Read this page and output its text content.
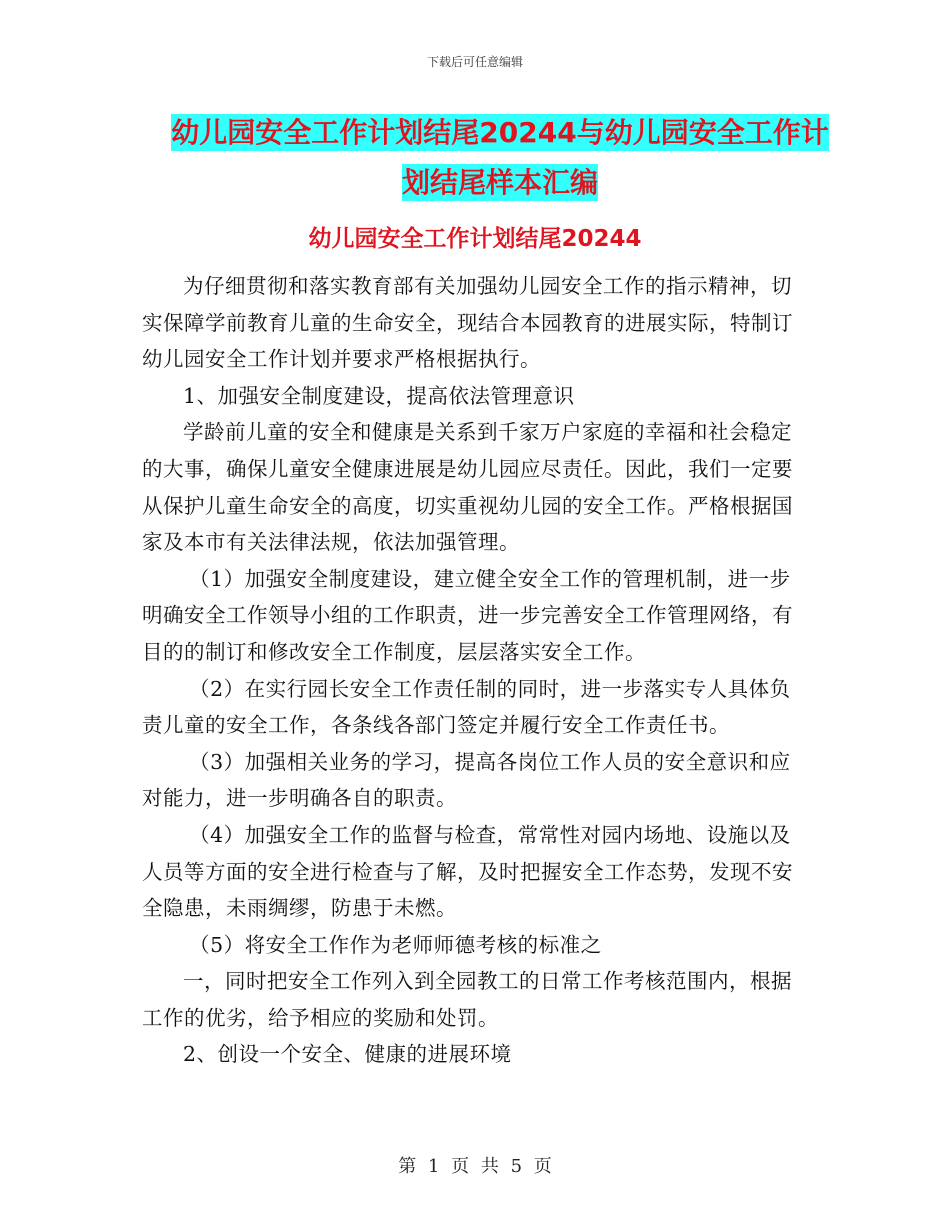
下载后可任意编辑
幼儿园安全工作计划结尾20244与幼儿园安全工作计
划结尾样本汇编
幼儿园安全工作计划结尾20244

为仔细贯彻和落实教育部有关加强幼儿园安全工作的指示精神，切实保障学前教育儿童的生命安全，现结合本园教育的进展实际，特制订幼儿园安全工作计划并要求严格根据执行。

1、加强安全制度建设，提高依法管理意识

学龄前儿童的安全和健康是关系到千家万户家庭的幸福和社会稳定的大事，确保儿童安全健康进展是幼儿园应尽责任。因此，我们一定要从保护儿童生命安全的高度，切实重视幼儿园的安全工作。严格根据国家及本市有关法律法规，依法加强管理。

（1）加强安全制度建设，建立健全安全工作的管理机制，进一步明确安全工作领导小组的工作职责，进一步完善安全工作管理网络，有目的的制订和修改安全工作制度，层层落实安全工作。

（2）在实行园长安全工作责任制的同时，进一步落实专人具体负责儿童的安全工作，各条线各部门签定并履行安全工作责任书。

（3）加强相关业务的学习，提高各岗位工作人员的安全意识和应对能力，进一步明确各自的职责。

（4）加强安全工作的监督与检查，常常性对园内场地、设施以及人员等方面的安全进行检查与了解，及时把握安全工作态势，发现不安全隐患，未雨绸缪，防患于未燃。

（5）将安全工作作为老师师德考核的标准之

一，同时把安全工作列入到全园教工的日常工作考核范围内，根据工作的优劣，给予相应的奖励和处罚。

2、创设一个安全、健康的进展环境

第 1 页 共 5 页
